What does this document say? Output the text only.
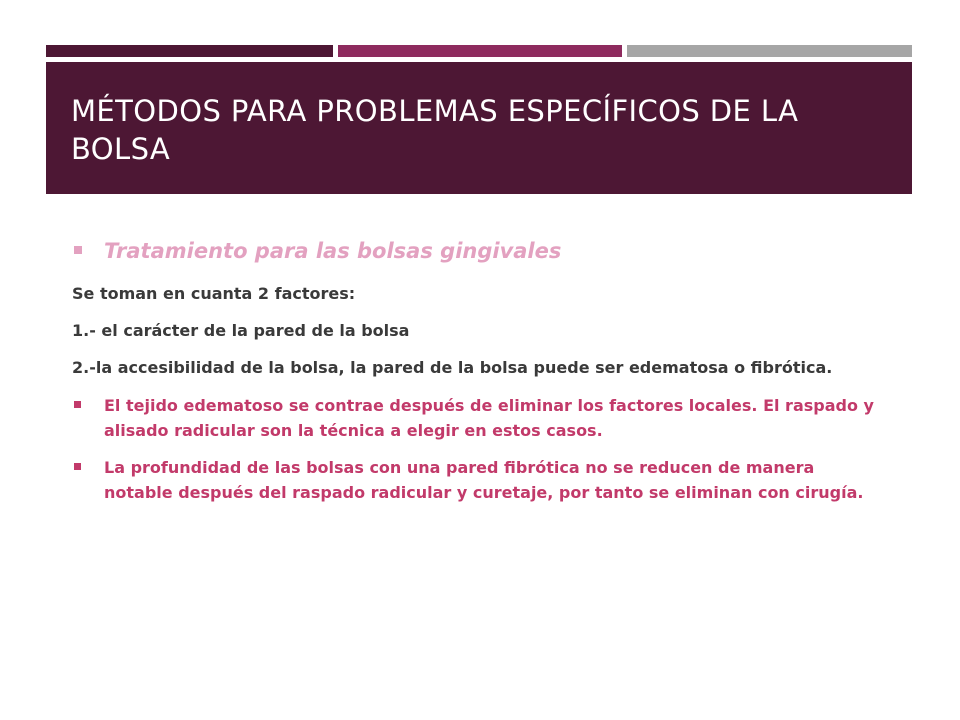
MÉTODOS PARA PROBLEMAS ESPECÍFICOS DE LA BOLSA
Tratamiento para las bolsas gingivales
Se toman en cuanta 2 factores:
1.- el carácter de la pared de la bolsa
2.-la accesibilidad de la bolsa, la pared de la bolsa puede ser edematosa o fibrótica.
El tejido edematoso se contrae después de eliminar los factores locales. El raspado y alisado radicular son la técnica a elegir en estos casos.
La profundidad de las bolsas con una pared fibrótica no se reducen de manera notable después del raspado radicular y curetaje, por tanto se eliminan con cirugía.
